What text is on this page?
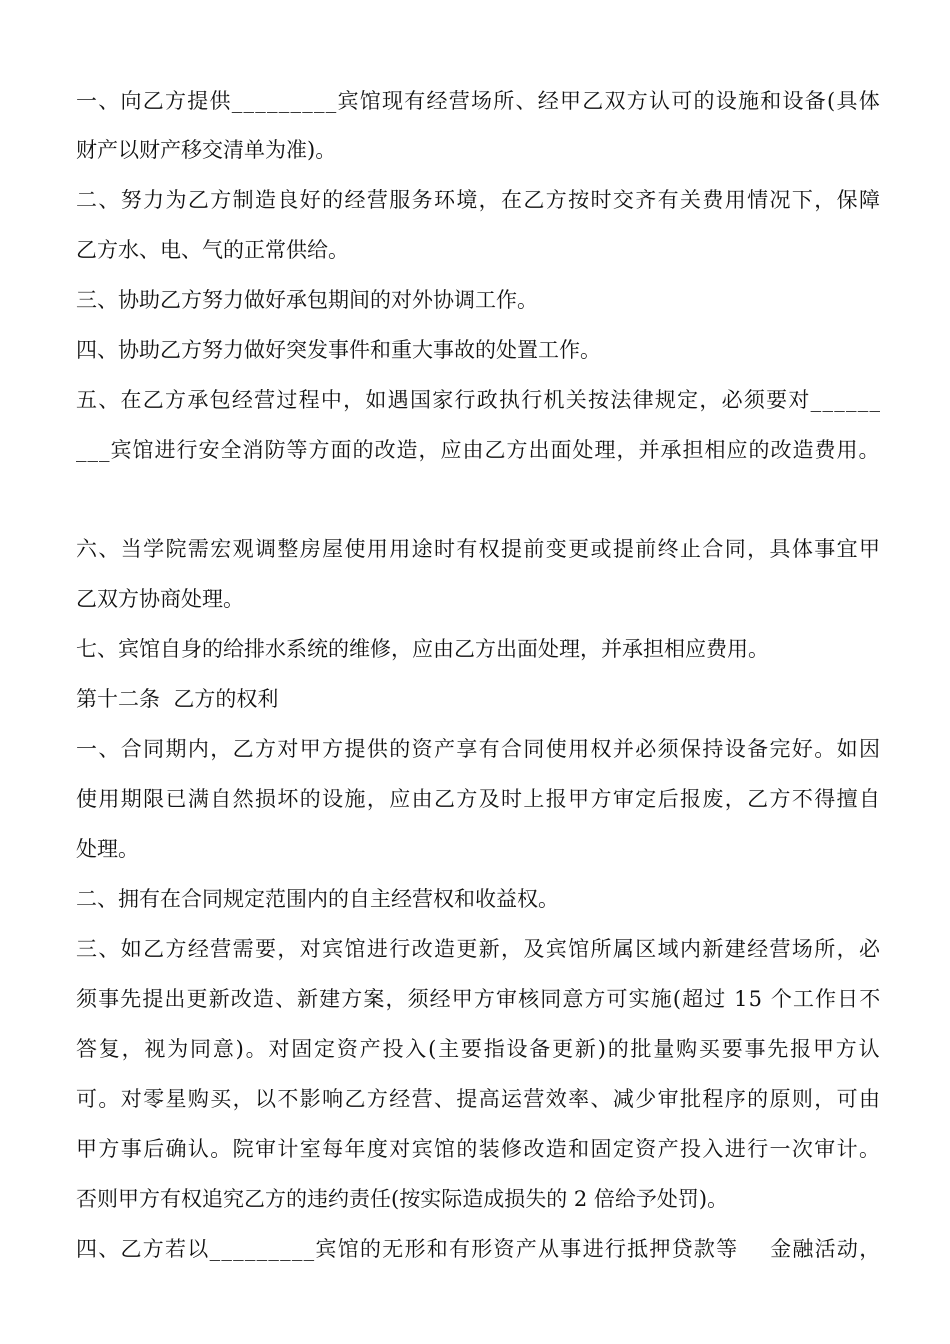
一、向乙方提供_________宾馆现有经营场所、经甲乙双方认可的设施和设备(具体
财产以财产移交清单为准)。
二、努力为乙方制造良好的经营服务环境，在乙方按时交齐有关费用情况下，保障
乙方水、电、气的正常供给。
三、协助乙方努力做好承包期间的对外协调工作。
四、协助乙方努力做好突发事件和重大事故的处置工作。
五、在乙方承包经营过程中，如遇国家行政执行机关按法律规定，必须要对______
___宾馆进行安全消防等方面的改造，应由乙方出面处理，并承担相应的改造费用。
六、当学院需宏观调整房屋使用用途时有权提前变更或提前终止合同，具体事宜甲
乙双方协商处理。
七、宾馆自身的给排水系统的维修，应由乙方出面处理，并承担相应费用。
第十二条  乙方的权利
一、合同期内，乙方对甲方提供的资产享有合同使用权并必须保持设备完好。如因
使用期限已满自然损坏的设施，应由乙方及时上报甲方审定后报废，乙方不得擅自
处理。
二、拥有在合同规定范围内的自主经营权和收益权。
三、如乙方经营需要，对宾馆进行改造更新，及宾馆所属区域内新建经营场所，必
须事先提出更新改造、新建方案，须经甲方审核同意方可实施(超过 15 个工作日不
答复，视为同意)。对固定资产投入(主要指设备更新)的批量购买要事先报甲方认
可。对零星购买，以不影响乙方经营、提高运营效率、减少审批程序的原则，可由
甲方事后确认。院审计室每年度对宾馆的装修改造和固定资产投入进行一次审计。
否则甲方有权追究乙方的违约责任(按实际造成损失的 2 倍给予处罚)。
四、乙方若以_________宾馆的无形和有形资产从事进行抵押贷款等    金融活动，
